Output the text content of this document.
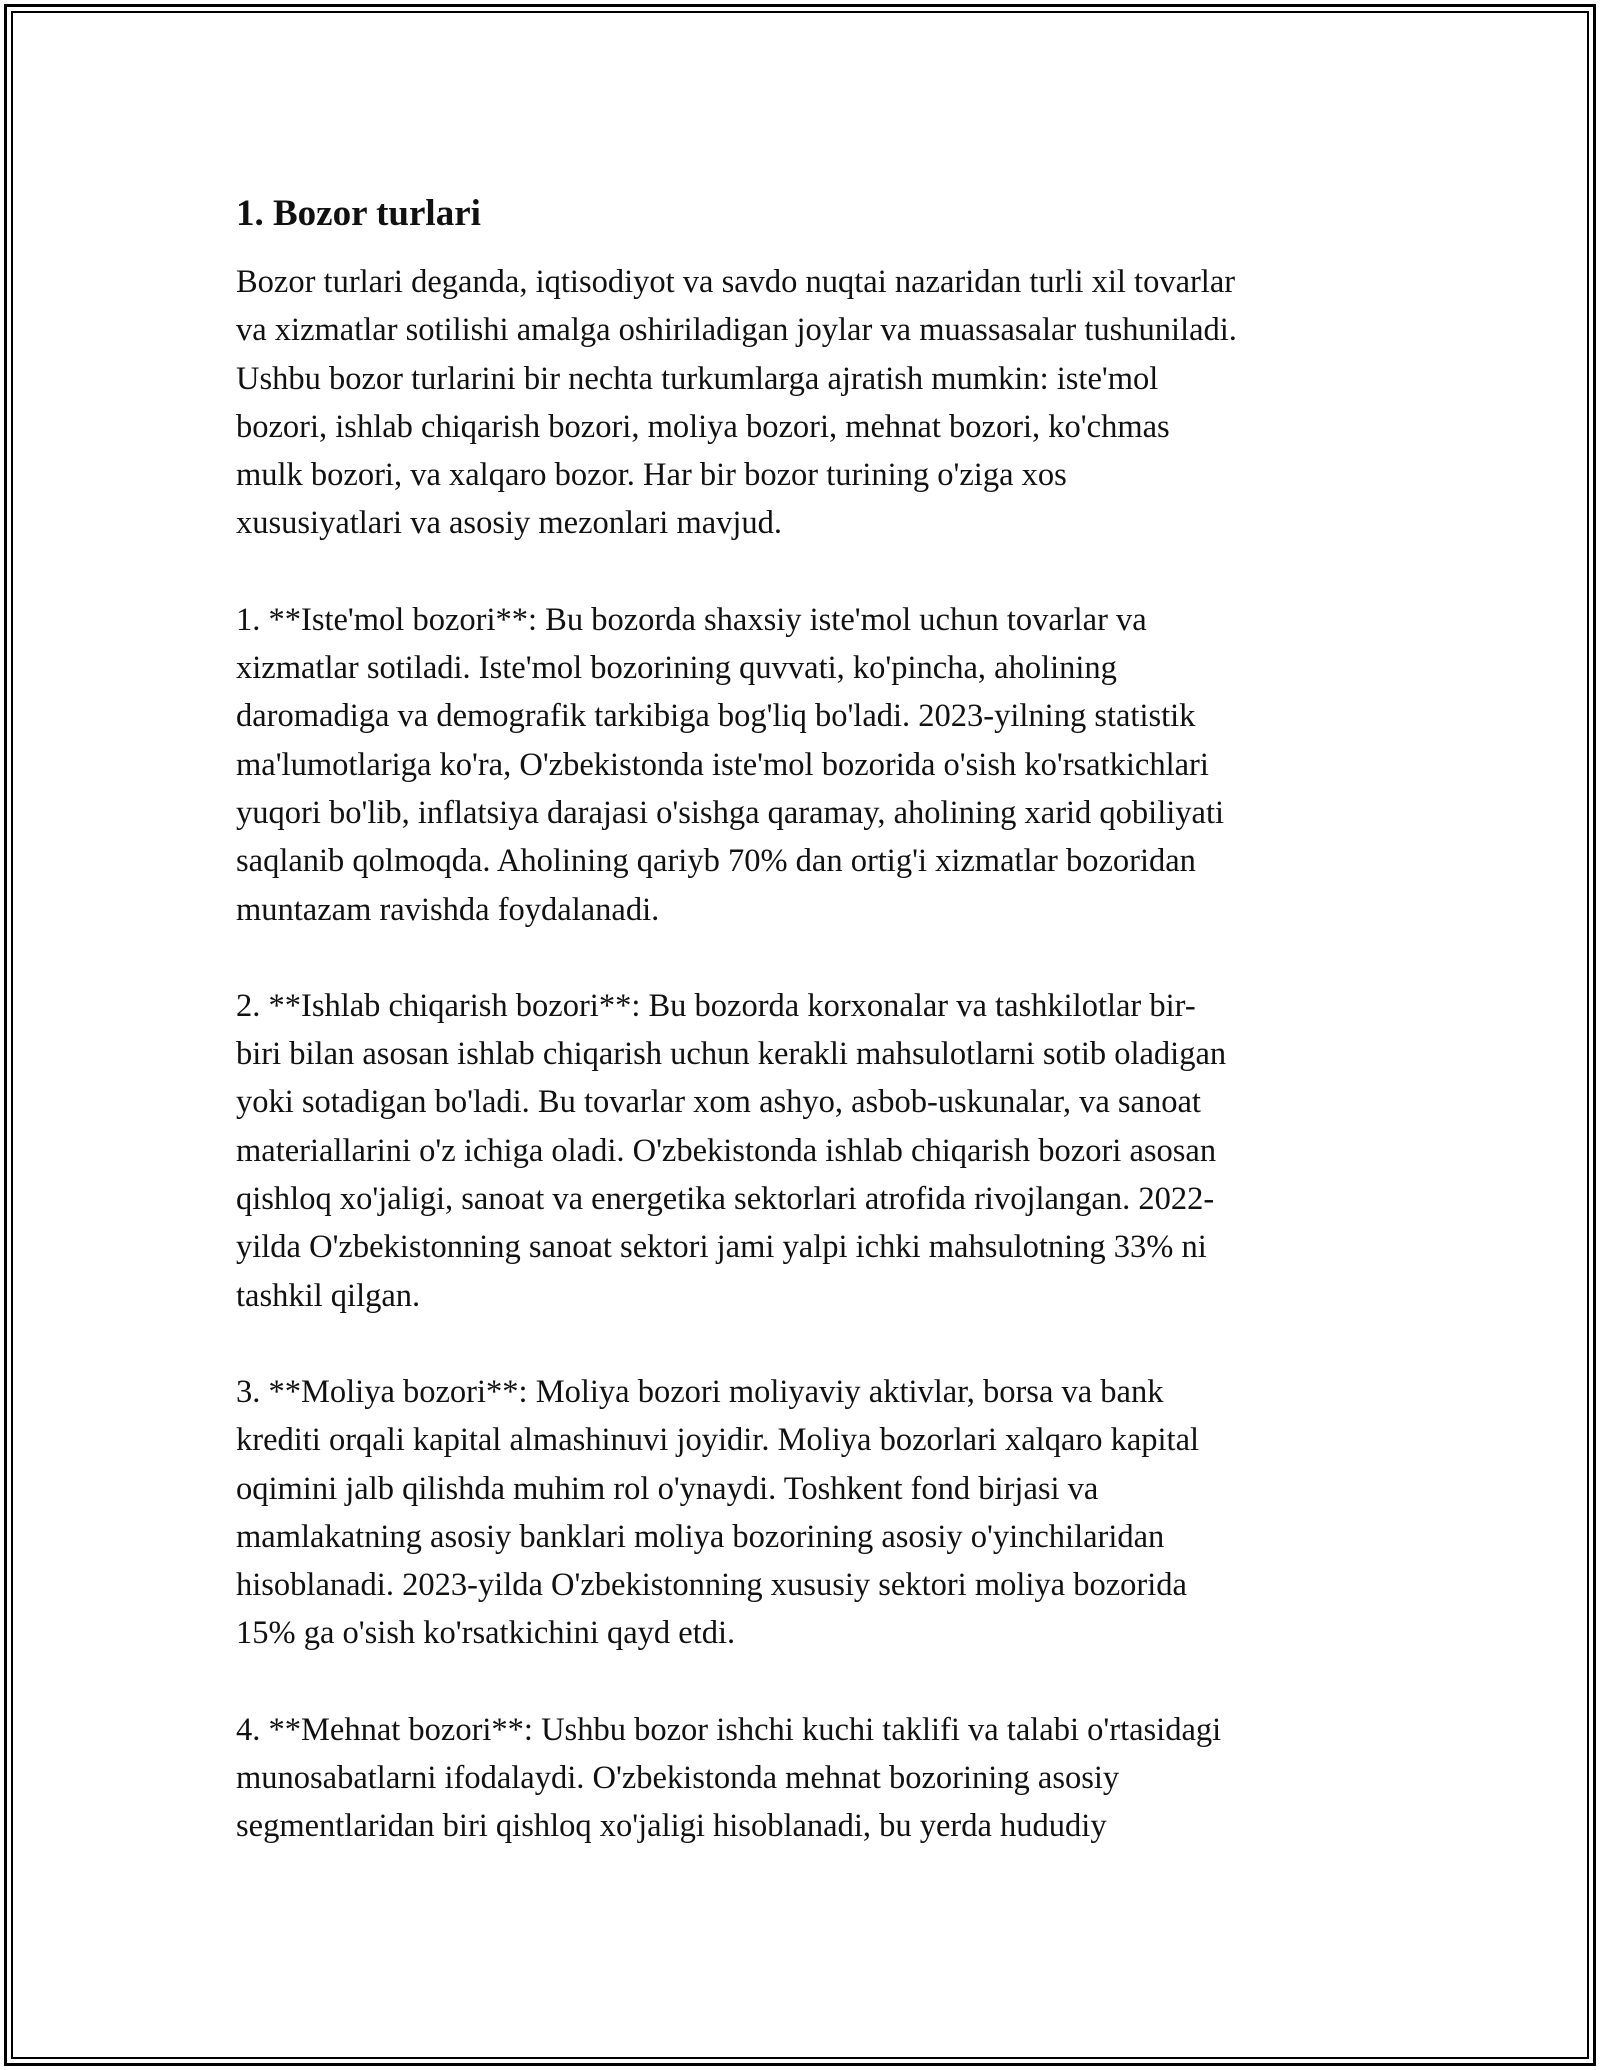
1. Bozor turlari
Bozor turlari deganda, iqtisodiyot va savdo nuqtai nazaridan turli xil tovarlar
va xizmatlar sotilishi amalga oshiriladigan joylar va muassasalar tushuniladi.
Ushbu bozor turlarini bir nechta turkumlarga ajratish mumkin: iste'mol
bozori, ishlab chiqarish bozori, moliya bozori, mehnat bozori, ko'chmas
mulk bozori, va xalqaro bozor. Har bir bozor turining o'ziga xos
xususiyatlari va asosiy mezonlari mavjud.
1. **Iste'mol bozori**: Bu bozorda shaxsiy iste'mol uchun tovarlar va
xizmatlar sotiladi. Iste'mol bozorining quvvati, ko'pincha, aholining
daromadiga va demografik tarkibiga bog'liq bo'ladi. 2023-yilning statistik
ma'lumotlariga ko'ra, O'zbekistonda iste'mol bozorida o'sish ko'rsatkichlari
yuqori bo'lib, inflatsiya darajasi o'sishga qaramay, aholining xarid qobiliyati
saqlanib qolmoqda. Aholining qariyb 70% dan ortig'i xizmatlar bozoridan
muntazam ravishda foydalanadi.
2. **Ishlab chiqarish bozori**: Bu bozorda korxonalar va tashkilotlar bir-
biri bilan asosan ishlab chiqarish uchun kerakli mahsulotlarni sotib oladigan
yoki sotadigan bo'ladi. Bu tovarlar xom ashyo, asbob-uskunalar, va sanoat
materiallarini o'z ichiga oladi. O'zbekistonda ishlab chiqarish bozori asosan
qishloq xo'jaligi, sanoat va energetika sektorlari atrofida rivojlangan. 2022-
yilda O'zbekistonning sanoat sektori jami yalpi ichki mahsulotning 33% ni
tashkil qilgan.
3. **Moliya bozori**: Moliya bozori moliyaviy aktivlar, borsa va bank
krediti orqali kapital almashinuvi joyidir. Moliya bozorlari xalqaro kapital
oqimini jalb qilishda muhim rol o'ynaydi. Toshkent fond birjasi va
mamlakatning asosiy banklari moliya bozorining asosiy o'yinchilaridan
hisoblanadi. 2023-yilda O'zbekistonning xususiy sektori moliya bozorida
15% ga o'sish ko'rsatkichini qayd etdi.
4. **Mehnat bozori**: Ushbu bozor ishchi kuchi taklifi va talabi o'rtasidagi
munosabatlarni ifodalaydi. O'zbekistonda mehnat bozorining asosiy
segmentlaridan biri qishloq xo'jaligi hisoblanadi, bu yerda hududiy
